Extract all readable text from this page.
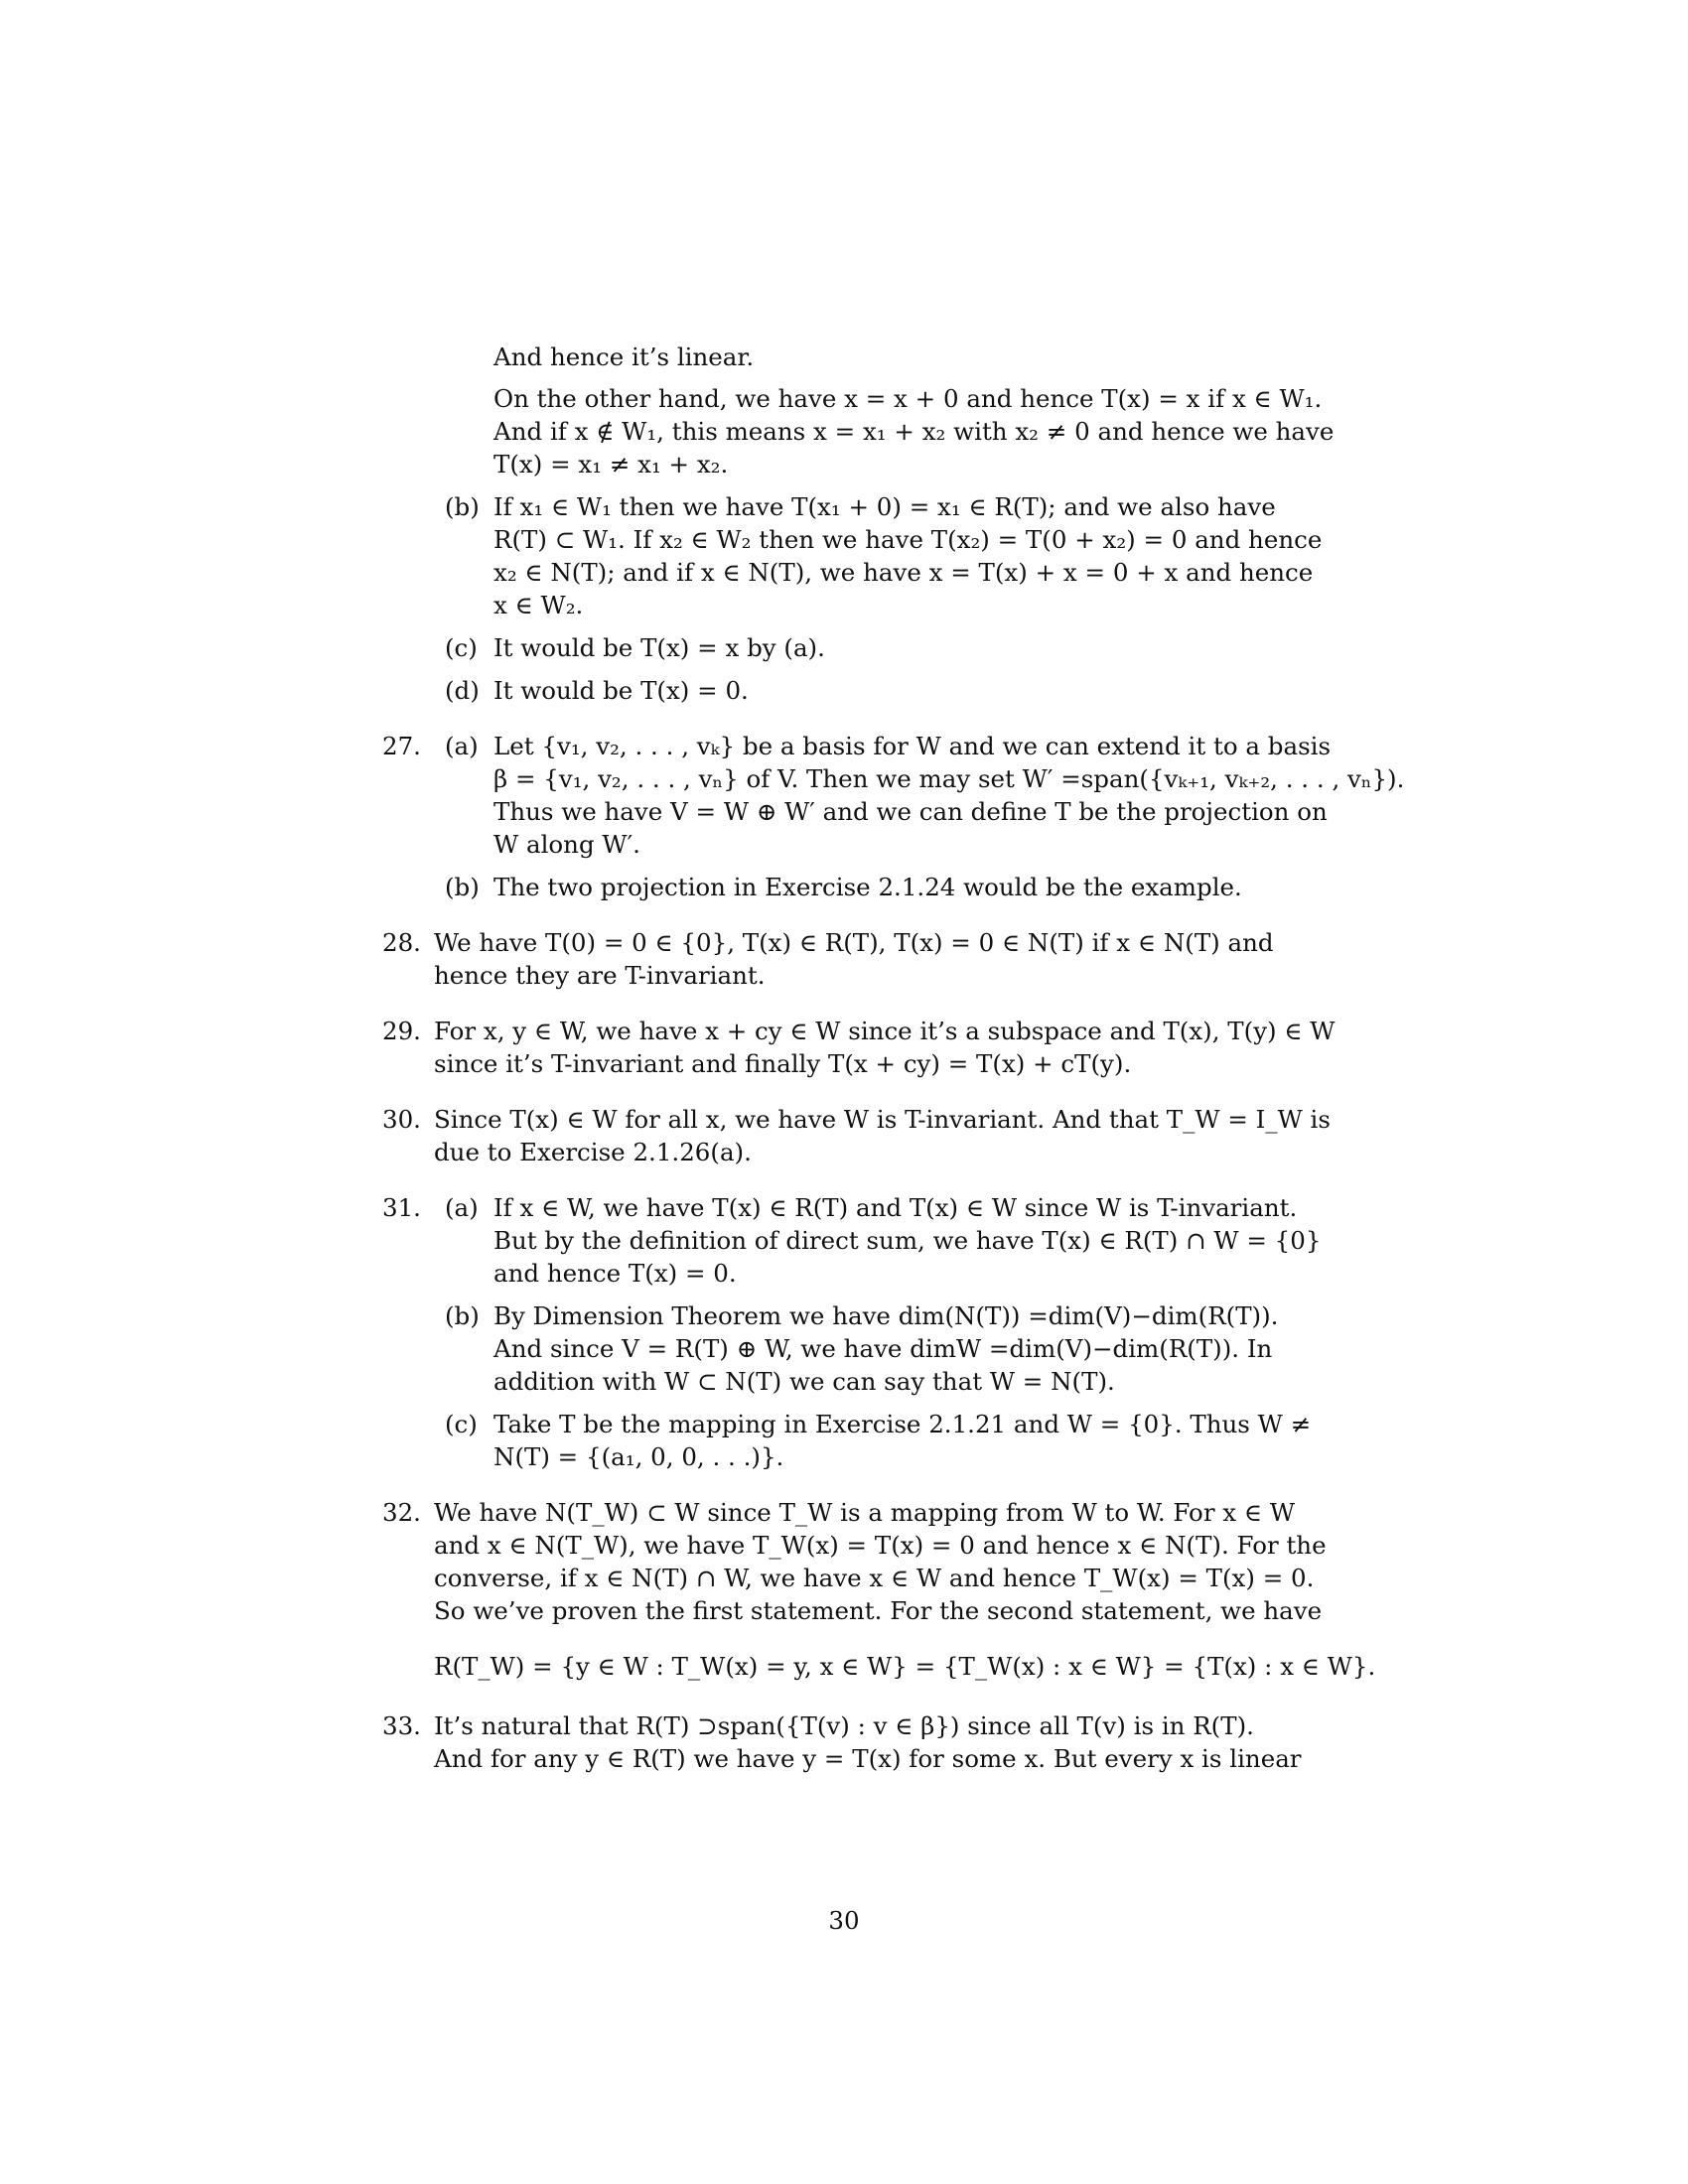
And hence it’s linear.
On the other hand, we have x = x + 0 and hence T(x) = x if x ∈ W₁.
And if x ∉ W₁, this means x = x₁ + x₂ with x₂ ≠ 0 and hence we have
T(x) = x₁ ≠ x₁ + x₂.
(b) If x₁ ∈ W₁ then we have T(x₁ + 0) = x₁ ∈ R(T); and we also have
R(T) ⊂ W₁. If x₂ ∈ W₂ then we have T(x₂) = T(0 + x₂) = 0 and hence
x₂ ∈ N(T); and if x ∈ N(T), we have x = T(x) + x = 0 + x and hence
x ∈ W₂.
(c) It would be T(x) = x by (a).
(d) It would be T(x) = 0.
27. (a) Let {v₁, v₂, . . . , vₖ} be a basis for W and we can extend it to a basis
β = {v₁, v₂, . . . , vₙ} of V. Then we may set W′ =span({vₖ₊₁, vₖ₊₂, . . . , vₙ}).
Thus we have V = W ⊕ W′ and we can define T be the projection on
W along W′.
(b) The two projection in Exercise 2.1.24 would be the example.
28. We have T(0) = 0 ∈ {0}, T(x) ∈ R(T), T(x) = 0 ∈ N(T) if x ∈ N(T) and
hence they are T-invariant.
29. For x, y ∈ W, we have x + cy ∈ W since it’s a subspace and T(x), T(y) ∈ W
since it’s T-invariant and finally T(x + cy) = T(x) + cT(y).
30. Since T(x) ∈ W for all x, we have W is T-invariant. And that T_W = I_W is
due to Exercise 2.1.26(a).
31. (a) If x ∈ W, we have T(x) ∈ R(T) and T(x) ∈ W since W is T-invariant.
But by the definition of direct sum, we have T(x) ∈ R(T) ∩ W = {0}
and hence T(x) = 0.
(b) By Dimension Theorem we have dim(N(T)) =dim(V)−dim(R(T)).
And since V = R(T) ⊕ W, we have dimW =dim(V)−dim(R(T)). In
addition with W ⊂ N(T) we can say that W = N(T).
(c) Take T be the mapping in Exercise 2.1.21 and W = {0}. Thus W ≠
N(T) = {(a₁, 0, 0, . . .)}.
32. We have N(T_W) ⊂ W since T_W is a mapping from W to W. For x ∈ W
and x ∈ N(T_W), we have T_W(x) = T(x) = 0 and hence x ∈ N(T). For the
converse, if x ∈ N(T) ∩ W, we have x ∈ W and hence T_W(x) = T(x) = 0.
So we’ve proven the first statement. For the second statement, we have
R(T_W) = {y ∈ W : T_W(x) = y, x ∈ W} = {T_W(x) : x ∈ W} = {T(x) : x ∈ W}.
33. It’s natural that R(T) ⊃span({T(v) : v ∈ β}) since all T(v) is in R(T).
And for any y ∈ R(T) we have y = T(x) for some x. But every x is linear
30
